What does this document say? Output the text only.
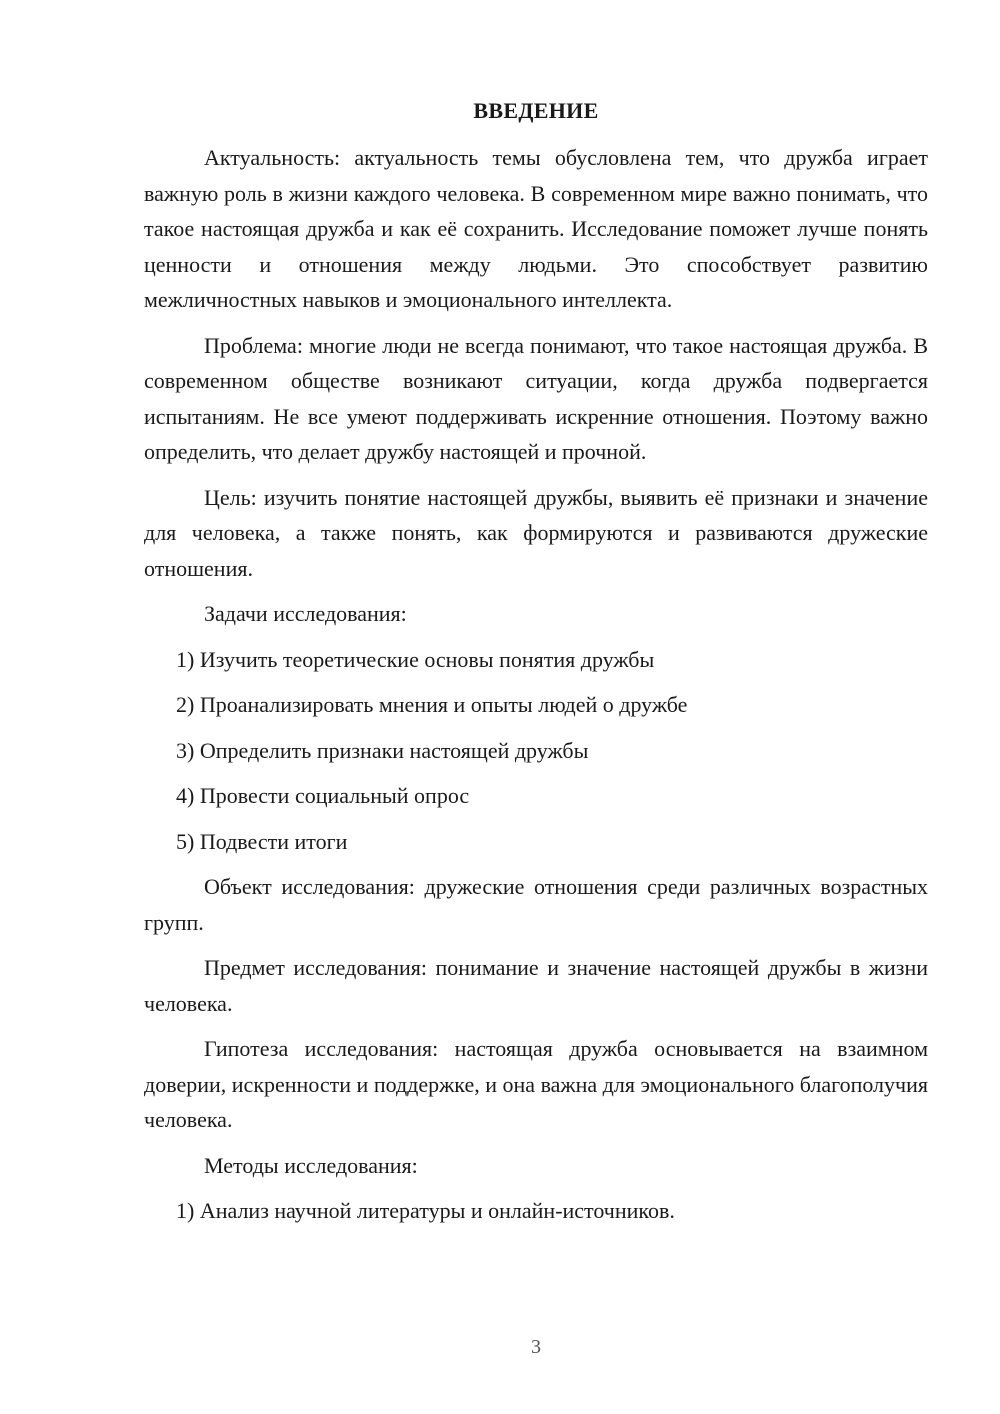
ВВЕДЕНИЕ

Актуальность: актуальность темы обусловлена тем, что дружба играет важную роль в жизни каждого человека. В современном мире важно понимать, что такое настоящая дружба и как её сохранить. Исследование поможет лучше понять ценности и отношения между людьми. Это способствует развитию межличностных навыков и эмоционального интеллекта.

Проблема: многие люди не всегда понимают, что такое настоящая дружба. В современном обществе возникают ситуации, когда дружба подвергается испытаниям. Не все умеют поддерживать искренние отношения. Поэтому важно определить, что делает дружбу настоящей и прочной.

Цель: изучить понятие настоящей дружбы, выявить её признаки и значение для человека, а также понять, как формируются и развиваются дружеские отношения.

Задачи исследования:

1) Изучить теоретические основы понятия дружбы
2) Проанализировать мнения и опыты людей о дружбе
3) Определить признаки настоящей дружбы
4) Провести социальный опрос
5) Подвести итоги

Объект исследования: дружеские отношения среди различных возрастных групп.

Предмет исследования: понимание и значение настоящей дружбы в жизни человека.

Гипотеза исследования: настоящая дружба основывается на взаимном доверии, искренности и поддержке, и она важна для эмоционального благополучия человека.

Методы исследования:

1) Анализ научной литературы и онлайн-источников.
3
